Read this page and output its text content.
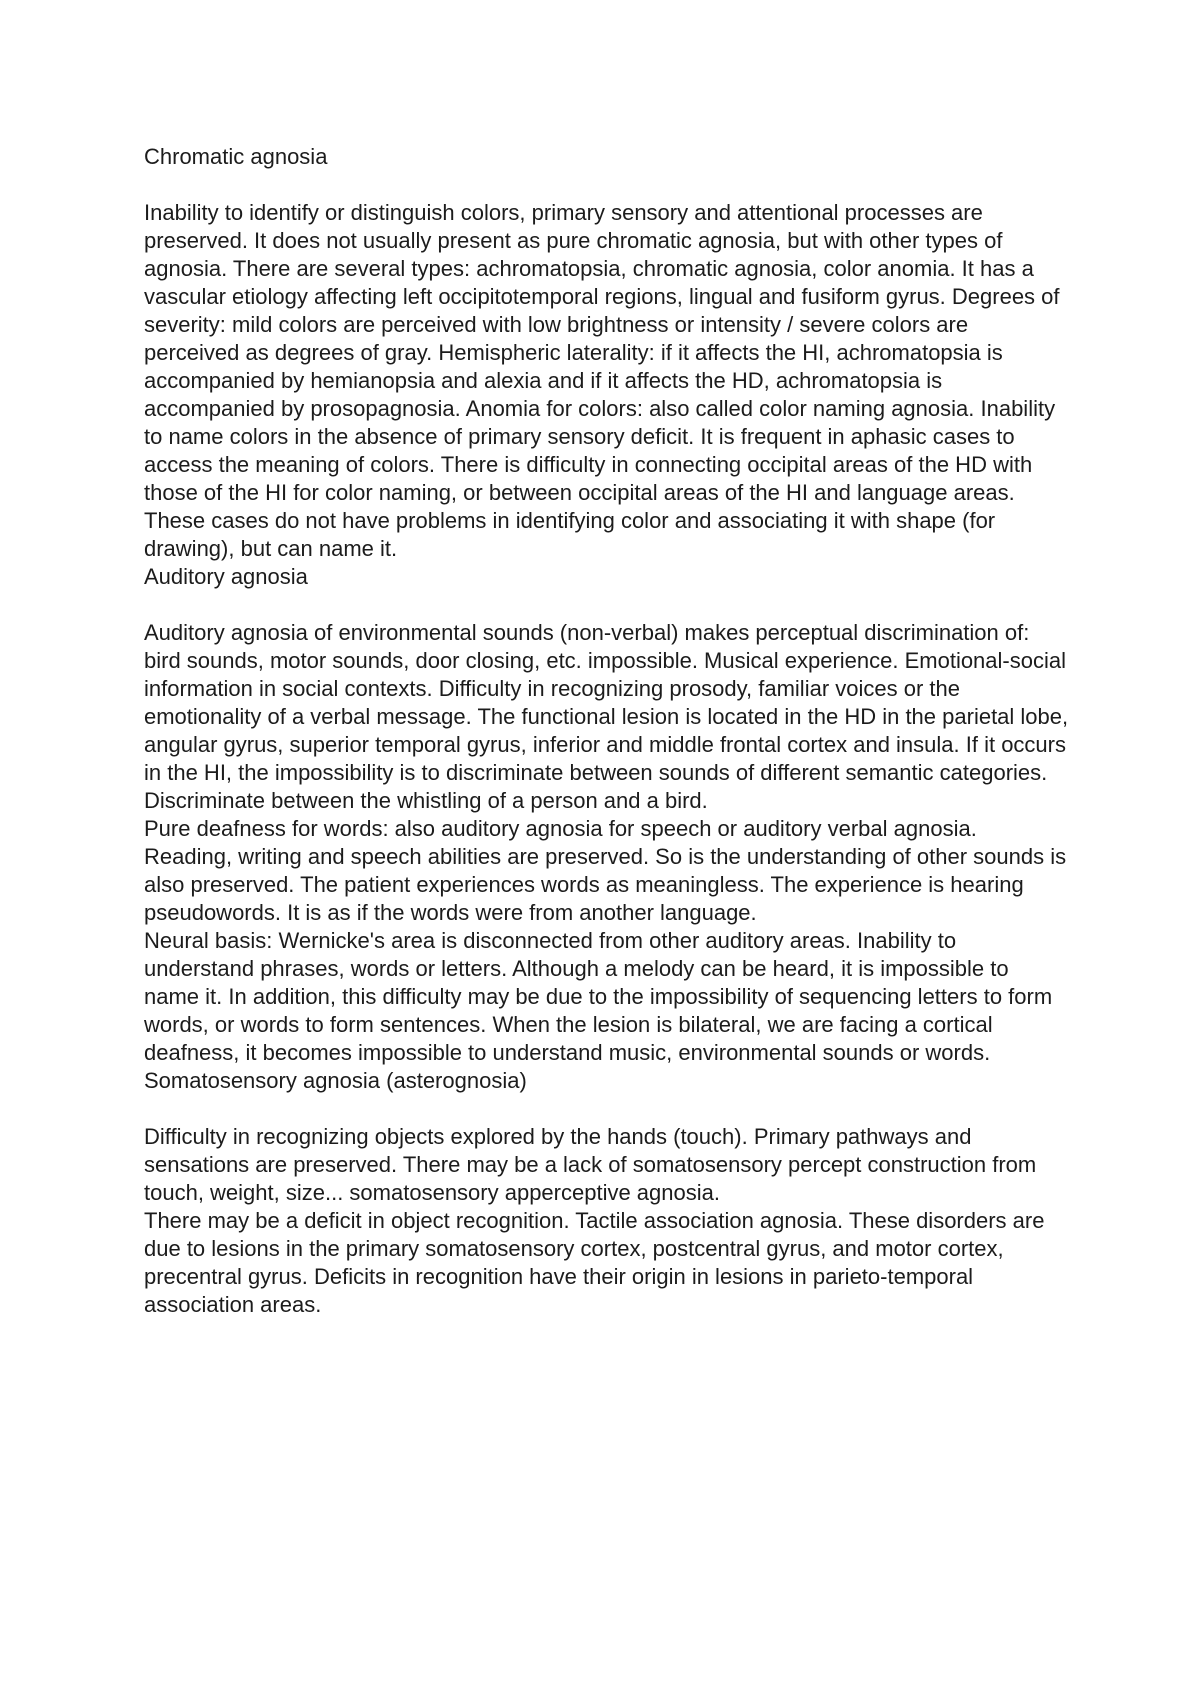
Chromatic agnosia

Inability to identify or distinguish colors, primary sensory and attentional processes are preserved. It does not usually present as pure chromatic agnosia, but with other types of agnosia. There are several types: achromatopsia, chromatic agnosia, color anomia. It has a vascular etiology affecting left occipitotemporal regions, lingual and fusiform gyrus. Degrees of severity: mild colors are perceived with low brightness or intensity / severe colors are perceived as degrees of gray. Hemispheric laterality: if it affects the HI, achromatopsia is accompanied by hemianopsia and alexia and if it affects the HD, achromatopsia is accompanied by prosopagnosia. Anomia for colors: also called color naming agnosia. Inability to name colors in the absence of primary sensory deficit. It is frequent in aphasic cases to access the meaning of colors. There is difficulty in connecting occipital areas of the HD with those of the HI for color naming, or between occipital areas of the HI and language areas. These cases do not have problems in identifying color and associating it with shape (for drawing), but can name it.

Auditory agnosia

Auditory agnosia of environmental sounds (non-verbal) makes perceptual discrimination of: bird sounds, motor sounds, door closing, etc. impossible. Musical experience. Emotional-social information in social contexts. Difficulty in recognizing prosody, familiar voices or the emotionality of a verbal message. The functional lesion is located in the HD in the parietal lobe, angular gyrus, superior temporal gyrus, inferior and middle frontal cortex and insula. If it occurs in the HI, the impossibility is to discriminate between sounds of different semantic categories. Discriminate between the whistling of a person and a bird.

Pure deafness for words: also auditory agnosia for speech or auditory verbal agnosia. Reading, writing and speech abilities are preserved. So is the understanding of other sounds is also preserved. The patient experiences words as meaningless. The experience is hearing pseudowords. It is as if the words were from another language.

Neural basis: Wernicke's area is disconnected from other auditory areas. Inability to understand phrases, words or letters. Although a melody can be heard, it is impossible to name it. In addition, this difficulty may be due to the impossibility of sequencing letters to form words, or words to form sentences. When the lesion is bilateral, we are facing a cortical deafness, it becomes impossible to understand music, environmental sounds or words.

Somatosensory agnosia (asterognosia)

Difficulty in recognizing objects explored by the hands (touch). Primary pathways and sensations are preserved. There may be a lack of somatosensory percept construction from touch, weight, size... somatosensory apperceptive agnosia.

There may be a deficit in object recognition. Tactile association agnosia. These disorders are due to lesions in the primary somatosensory cortex, postcentral gyrus, and motor cortex, precentral gyrus. Deficits in recognition have their origin in lesions in parieto-temporal association areas.
